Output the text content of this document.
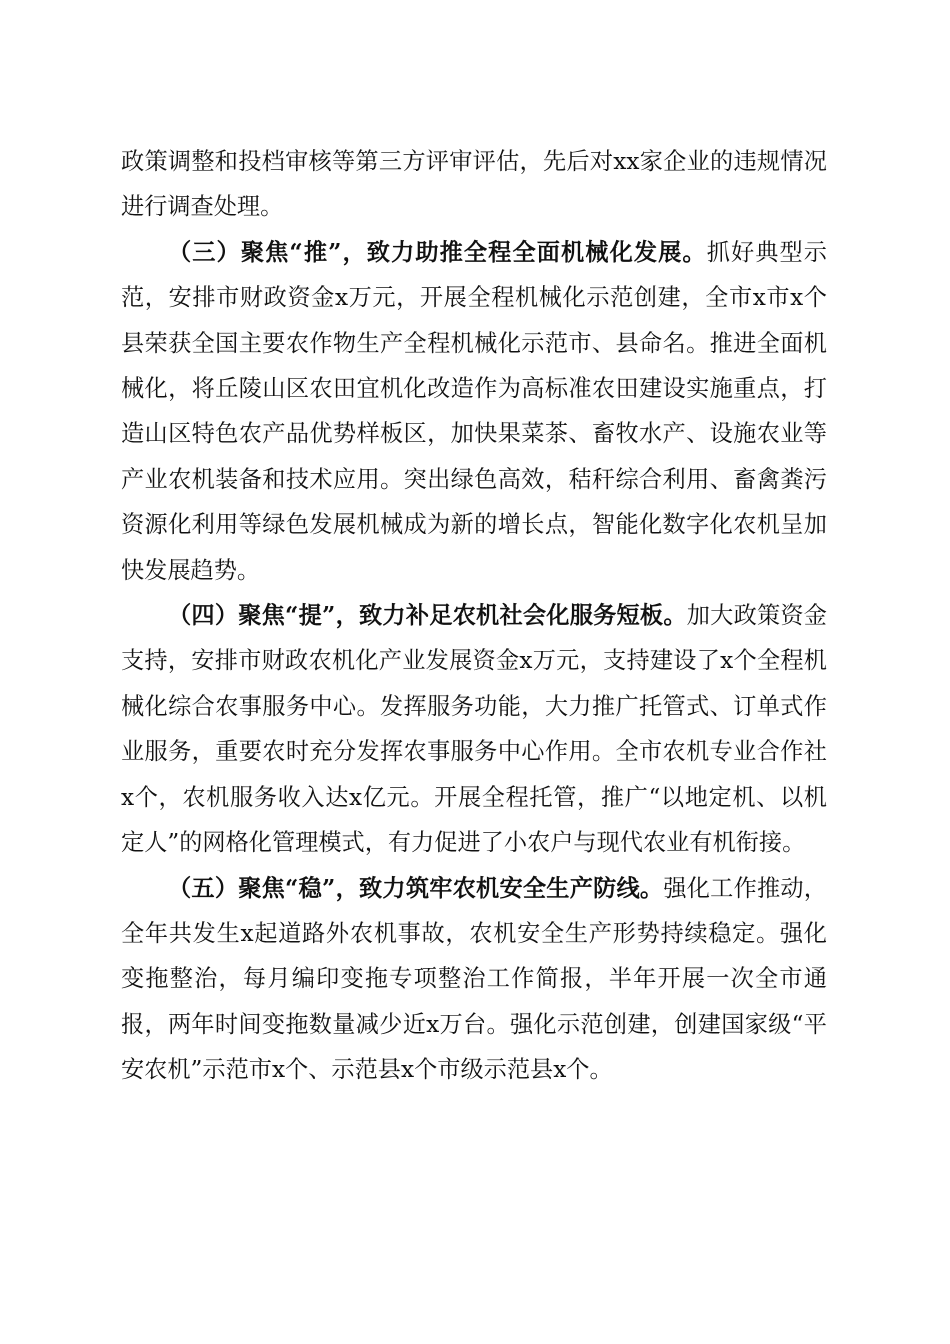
政策调整和投档审核等第三方评审评估，先后对xx家企业的违规情况进行调查处理。

（三）聚焦“推”，致力助推全程全面机械化发展。抓好典型示范，安排市财政资金x万元，开展全程机械化示范创建，全市x市x个县荣获全国主要农作物生产全程机械化示范市、县命名。推进全面机械化，将丘陵山区农田宜机化改造作为高标准农田建设实施重点，打造山区特色农产品优势样板区，加快果菜茶、畜牧水产、设施农业等产业农机装备和技术应用。突出绿色高效，秸秆综合利用、畜禽粪污资源化利用等绿色发展机械成为新的增长点，智能化数字化农机呈加快发展趋势。

（四）聚焦“提”，致力补足农机社会化服务短板。加大政策资金支持，安排市财政农机化产业发展资金x万元，支持建设了x个全程机械化综合农事服务中心。发挥服务功能，大力推广托管式、订单式作业服务，重要农时充分发挥农事服务中心作用。全市农机专业合作社x个，农机服务收入达x亿元。开展全程托管，推广“以地定机、以机定人”的网格化管理模式，有力促进了小农户与现代农业有机衔接。

（五）聚焦“稳”，致力筑牢农机安全生产防线。强化工作推动，全年共发生x起道路外农机事故，农机安全生产形势持续稳定。强化变拖整治，每月编印变拖专项整治工作简报，半年开展一次全市通报，两年时间变拖数量减少近x万台。强化示范创建，创建国家级“平安农机”示范市x个、示范县x个市级示范县x个。
